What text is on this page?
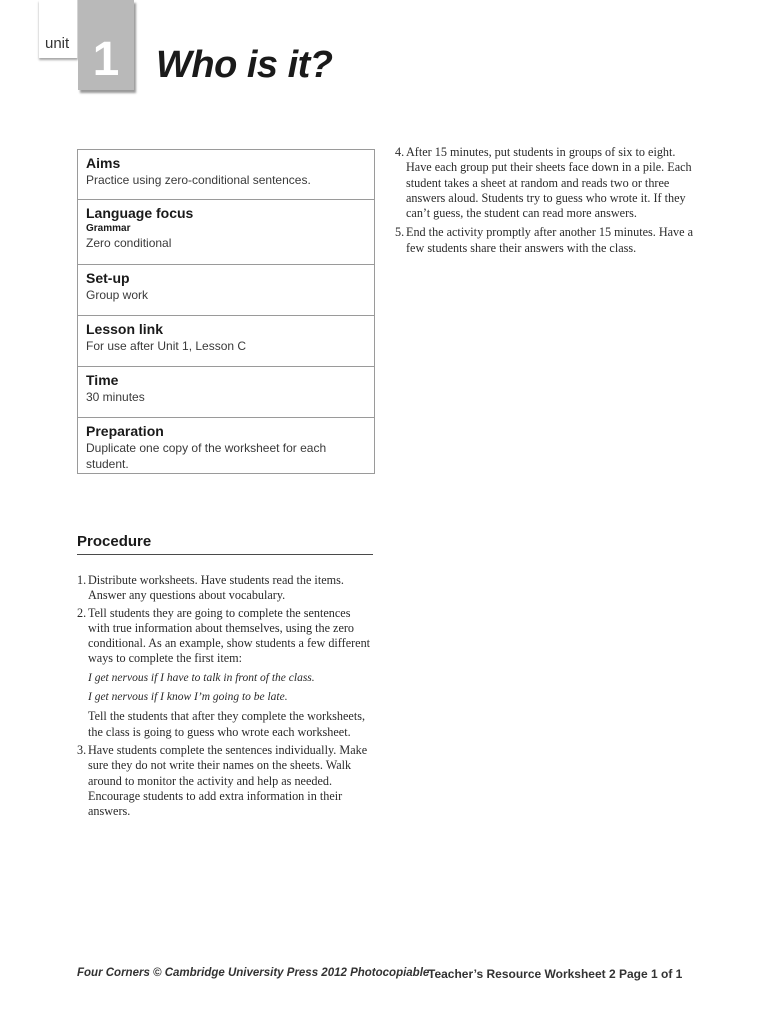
unit 1 Who is it?
Aims
Practice using zero-conditional sentences.
Language focus
Grammar
Zero conditional
Set-up
Group work
Lesson link
For use after Unit 1, Lesson C
Time
30 minutes
Preparation
Duplicate one copy of the worksheet for each student.
Procedure
1. Distribute worksheets. Have students read the items. Answer any questions about vocabulary.
2. Tell students they are going to complete the sentences with true information about themselves, using the zero conditional. As an example, show students a few different ways to complete the first item:
I get nervous if I have to talk in front of the class.
I get nervous if I know I’m going to be late.
Tell the students that after they complete the worksheets, the class is going to guess who wrote each worksheet.
3. Have students complete the sentences individually. Make sure they do not write their names on the sheets. Walk around to monitor the activity and help as needed. Encourage students to add extra information in their answers.
4. After 15 minutes, put students in groups of six to eight. Have each group put their sheets face down in a pile. Each student takes a sheet at random and reads two or three answers aloud. Students try to guess who wrote it. If they can’t guess, the student can read more answers.
5. End the activity promptly after another 15 minutes. Have a few students share their answers with the class.
Four Corners © Cambridge University Press 2012 Photocopiable
Teacher’s Resource Worksheet 2 Page 1 of 1
